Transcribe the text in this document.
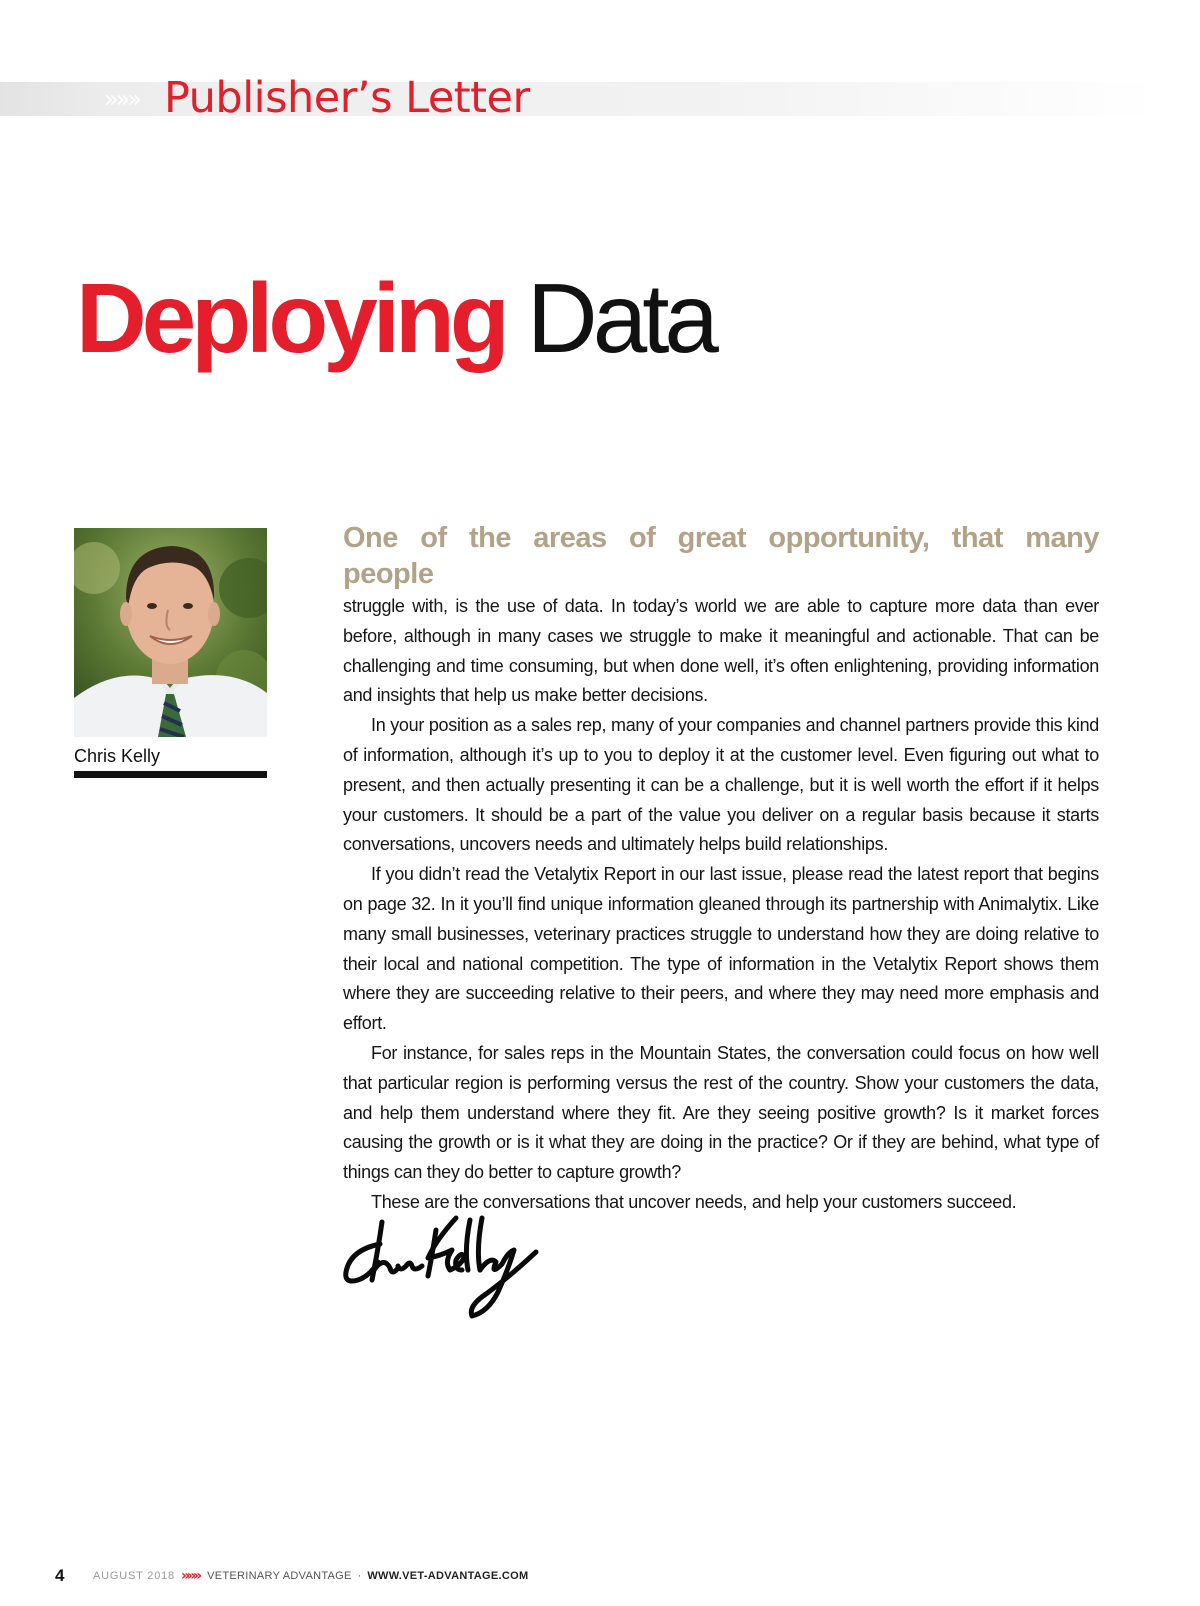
»»» Publisher’s Letter
Deploying Data
Chris Kelly
One of the areas of great opportunity, that many people

struggle with, is the use of data. In today’s world we are able to capture more data than ever before, although in many cases we struggle to make it meaningful and actionable. That can be challenging and time consuming, but when done well, it’s often enlightening, providing information and insights that help us make better decisions.

In your position as a sales rep, many of your companies and channel partners provide this kind of information, although it’s up to you to deploy it at the customer level. Even figuring out what to present, and then actually presenting it can be a challenge, but it is well worth the effort if it helps your customers. It should be a part of the value you deliver on a regular basis because it starts conversations, uncovers needs and ultimately helps build relationships.

If you didn’t read the Vetalytix Report in our last issue, please read the latest report that begins on page 32. In it you’ll find unique information gleaned through its partnership with Animalytix. Like many small businesses, veterinary practices struggle to understand how they are doing relative to their local and national competition. The type of information in the Vetalytix Report shows them where they are succeeding relative to their peers, and where they may need more emphasis and effort.

For instance, for sales reps in the Mountain States, the conversation could focus on how well that particular region is performing versus the rest of the country. Show your customers the data, and help them understand where they fit. Are they seeing positive growth? Is it market forces causing the growth or is it what they are doing in the practice? Or if they are behind, what type of things can they do better to capture growth?

These are the conversations that uncover needs, and help your customers succeed.

4	AUGUST 2018 »»» VETERINARY ADVANTAGE · WWW.VET-ADVANTAGE.COM
